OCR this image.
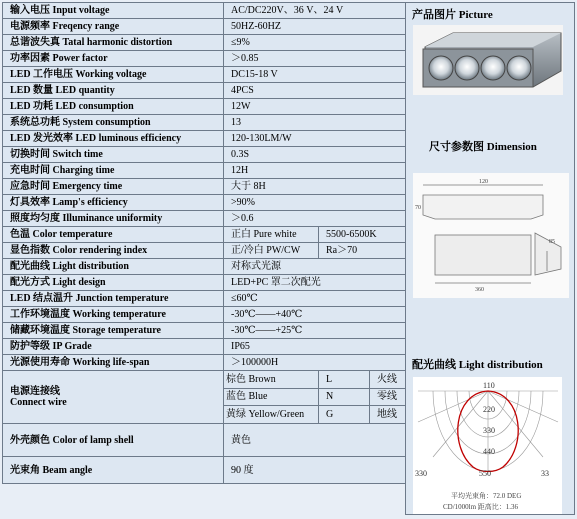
输入电压 Input voltage	AC/DC220V、36 V、24 V		
电源频率 Freqency range	50HZ-60HZ		
总谐波失真 Tatal harmonic distortion	≤9%		
功率因素 Power factor	＞0.85		
LED 工作电压 Working voltage	DC15-18 V		
LED 数量 LED quantity	4PCS		
LED 功耗 LED consumption	12W		
系统总功耗 System consumption	13		
LED 发光效率 LED luminous efficiency	120-130LM/W		
切换时间 Switch time	0.3S		
充电时间 Charging time	12H		
应急时间 Emergency time	大于 8H		
灯具效率 Lamp's efficiency	>90%		
照度均匀度 Illuminance uniformity	＞0.6		
色温 Color temperature	正白 Pure white	5500-6500K	
显色指数 Color rendering index	正/冷白 PW/CW	Ra＞70	
配光曲线 Light distribution	对称式光源		
配光方式 Light design	LED+PC 罩二次配光		
LED 结点温升 Junction temperature	≤60℃		
工作环境温度 Working temperature	-30℃——+40℃		
储藏环境温度 Storage temperature	-30℃——+25℃		
防护等级 IP Grade	IP65		
光源使用寿命 Working life-span	＞100000H		
电源连接线
Connect wire	棕色 Brown	L	火线
	蓝色 Blue	N	零线
	黄绿 Yellow/Green	G	地线
外壳颜色 Color of lamp shell	黄色		
光束角 Beam angle	90 度		
产品图片 Picture
尺寸参数图 Dimension
120
360
85
70
配光曲线 Light distribution
110
220
330
440
550
330	33
平均光束角：72.0 DEG
CD/1000lm 距高比：1.36
